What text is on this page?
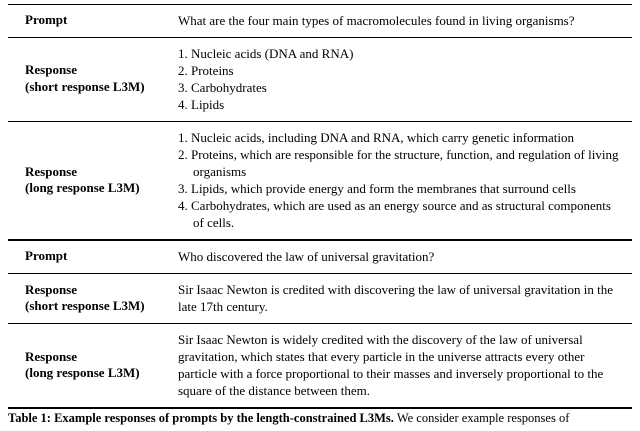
Prompt	What are the four main types of macromolecules found in living organisms?
Response
(short response L3M)
1. Nucleic acids (DNA and RNA)
2. Proteins
3. Carbohydrates
4. Lipids
Response
(long response L3M)
1. Nucleic acids, including DNA and RNA, which carry genetic information
2. Proteins, which are responsible for the structure, function, and regulation of living organisms
3. Lipids, which provide energy and form the membranes that surround cells
4. Carbohydrates, which are used as an energy source and as structural components of cells.
Prompt	Who discovered the law of universal gravitation?
Response
(short response L3M)
Sir Isaac Newton is credited with discovering the law of universal gravitation in the late 17th century.
Response
(long response L3M)
Sir Isaac Newton is widely credited with the discovery of the law of universal gravitation, which states that every particle in the universe attracts every other particle with a force proportional to their masses and inversely proportional to the square of the distance between them.
Table 1: Example responses of prompts by the length-constrained L3Ms. We consider example responses of
